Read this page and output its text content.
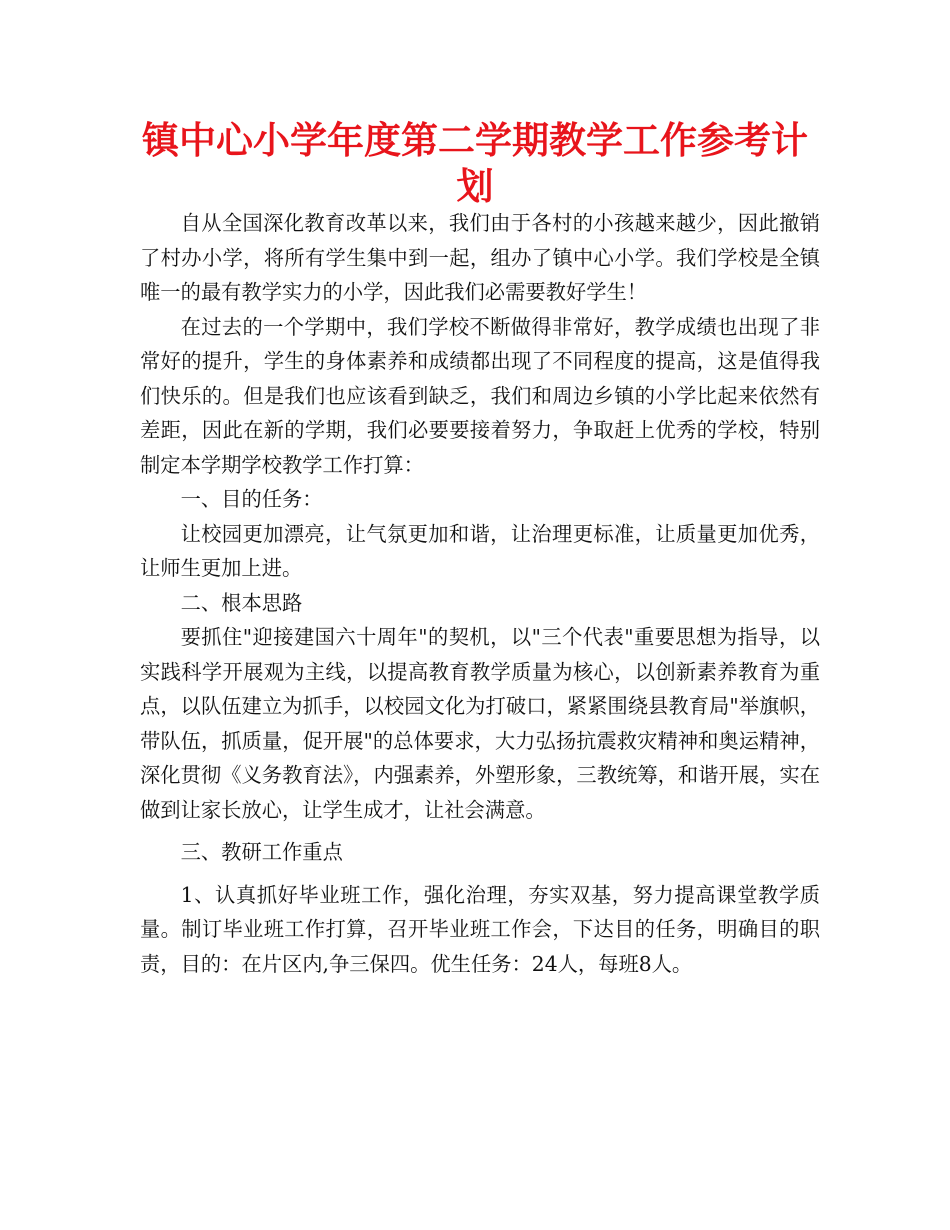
镇中心小学年度第二学期教学工作参考计划

自从全国深化教育改革以来，我们由于各村的小孩越来越少，因此撤销了村办小学，将所有学生集中到一起，组办了镇中心小学。我们学校是全镇唯一的最有教学实力的小学，因此我们必需要教好学生！

在过去的一个学期中，我们学校不断做得非常好，教学成绩也出现了非常好的提升，学生的身体素养和成绩都出现了不同程度的提高，这是值得我们快乐的。但是我们也应该看到缺乏，我们和周边乡镇的小学比起来依然有差距，因此在新的学期，我们必要要接着努力，争取赶上优秀的学校，特别制定本学期学校教学工作打算：

一、目的任务：

让校园更加漂亮，让气氛更加和谐，让治理更标准，让质量更加优秀，让师生更加上进。

二、根本思路

要抓住"迎接建国六十周年"的契机，以"三个代表"重要思想为指导，以实践科学开展观为主线，以提高教育教学质量为核心，以创新素养教育为重点，以队伍建立为抓手，以校园文化为打破口，紧紧围绕县教育局"举旗帜，带队伍，抓质量，促开展"的总体要求，大力弘扬抗震救灾精神和奥运精神，深化贯彻《义务教育法》，内强素养，外塑形象，三教统筹，和谐开展，实在做到让家长放心，让学生成才，让社会满意。

三、教研工作重点

1、认真抓好毕业班工作，强化治理，夯实双基，努力提高课堂教学质量。制订毕业班工作打算，召开毕业班工作会，下达目的任务，明确目的职责，目的：在片区内,争三保四。优生任务：24人，每班8人。
